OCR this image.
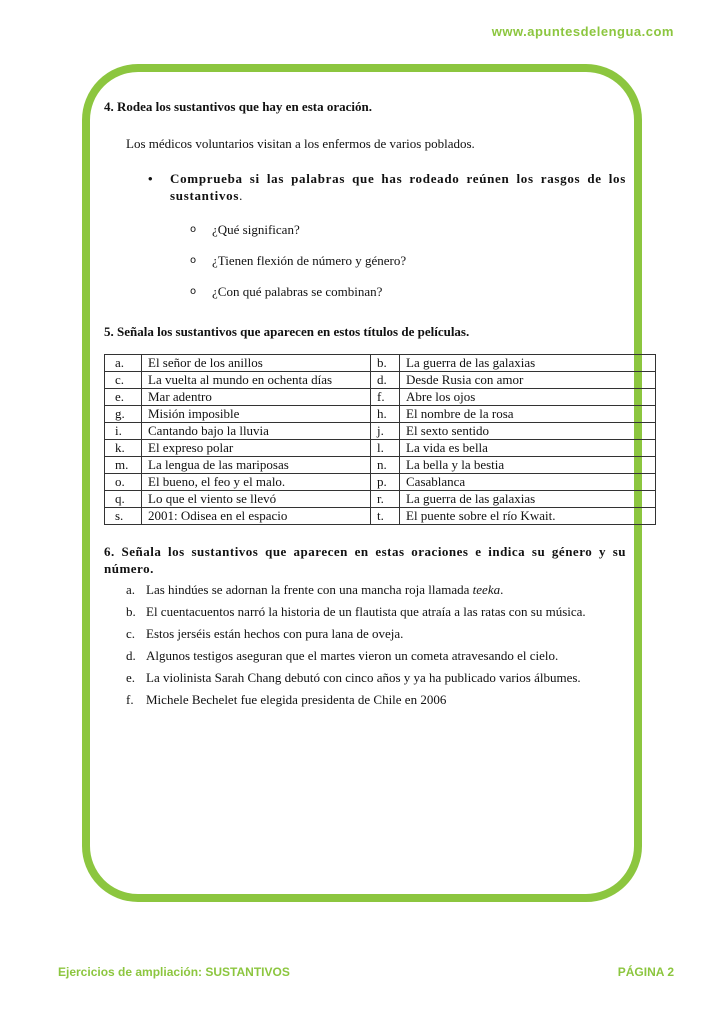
www.apuntesdelengua.com

4. Rodea los sustantivos que hay en esta oración.

Los médicos voluntarios visitan a los enfermos de varios poblados.
•	Comprueba si las palabras que has rodeado reúnen los rasgos de los sustantivos.
o	¿Qué significan?
o	¿Tienen flexión de número y género?
o	¿Con qué palabras se combinan?

5. Señala los sustantivos que aparecen en estos títulos de películas.

a.	El señor de los anillos	b.	La guerra de las galaxias
c.	La vuelta al mundo en ochenta días	d.	Desde Rusia con amor
e.	Mar adentro	f.	Abre los ojos
g.	Misión imposible	h.	El nombre de la rosa
i.	Cantando bajo la lluvia	j.	El sexto sentido
k.	El expreso polar	l.	La vida es bella
m.	La lengua de las mariposas	n.	La bella y la bestia
o.	El bueno, el feo y el malo.	p.	Casablanca
q.	Lo que el viento se llevó	r.	La guerra de las galaxias
s.	2001: Odisea en el espacio	t.	El puente sobre el río Kwait.

6. Señala los sustantivos que aparecen en estas oraciones e indica su género y su número.

a. Las hindúes se adornan la frente con una mancha roja llamada teeka.
b. El cuentacuentos narró la historia de un flautista que atraía a las ratas con su música.
c. Estos jerséis están hechos con pura lana de oveja.
d. Algunos testigos aseguran que el martes vieron un cometa atravesando el cielo.
e. La violinista Sarah Chang debutó con cinco años y ya ha publicado varios álbumes.
f. Michele Bechelet fue elegida presidenta de Chile en 2006
Ejercicios de ampliación: SUSTANTIVOS	PÁGINA 2
